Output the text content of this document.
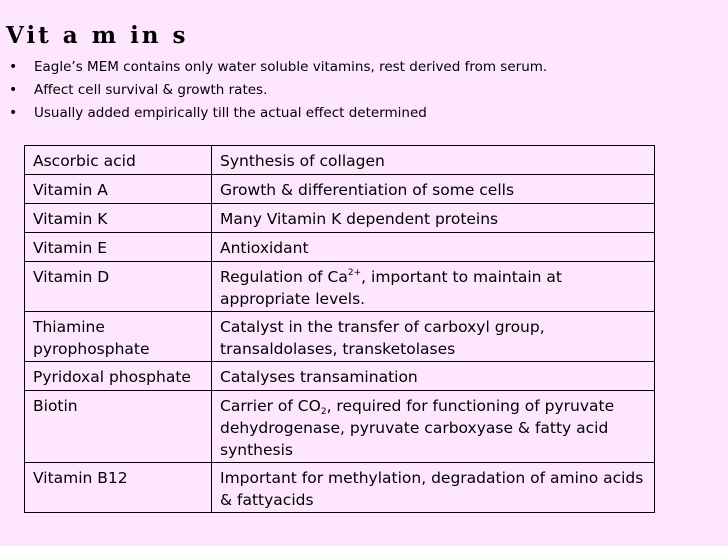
Vit a m in s
• Eagle’s MEM contains only water soluble vitamins, rest derived from serum.
• Affect cell survival & growth rates.
• Usually added empirically till the actual effect determined
Ascorbic acid	Synthesis of collagen
Vitamin A	Growth & differentiation of some cells
Vitamin K	Many Vitamin K dependent proteins
Vitamin E	Antioxidant
Vitamin D	Regulation of $Ca^{2+}$, important to maintain at appropriate levels.
Thiamine pyrophosphate	Catalyst in the transfer of carboxyl group, transaldolases, transketolases
Pyridoxal phosphate	Catalyses transamination
Biotin	Carrier of $CO_2$, required for functioning of pyruvate dehydrogenase, pyruvate carboxyase & fatty acid synthesis
Vitamin B12	Important for methylation, degradation of amino acids & fattyacids
